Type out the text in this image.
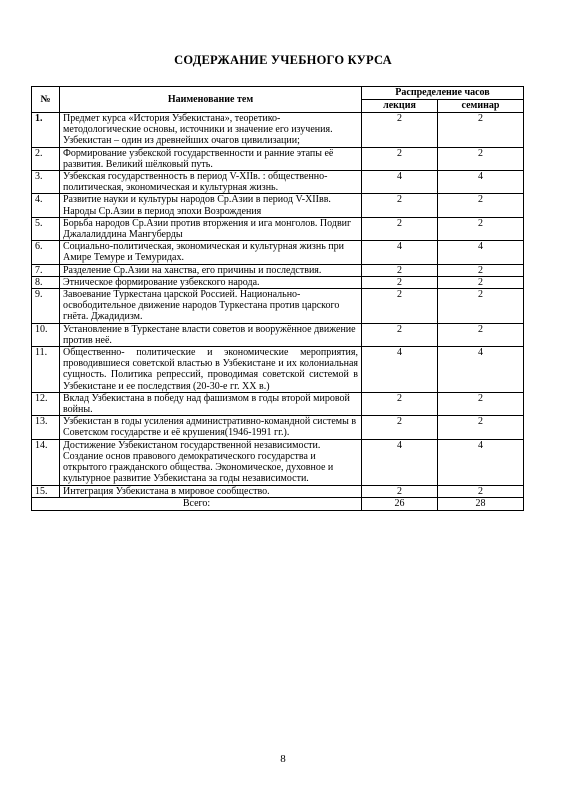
СОДЕРЖАНИЕ УЧЕБНОГО КУРСА
№	Наименование тем	Распределение часов	
		лекция	семинар
1.	Предмет курса «История Узбекистана», теоретико-методологические основы, источники и значение его изучения. Узбекистан – один из древнейших очагов цивилизации;	2	2
2.	Формирование узбекской государственности и ранние этапы её развития. Великий шёлковый путь.	2	2
3.	Узбекская государственность в период V-XIIв. : общественно-политическая, экономическая и культурная жизнь.	4	4
4.	Развитие науки и культуры народов Ср.Азии в период V-XIIвв. Народы Ср.Азии в период эпохи Возрождения	2	2
5.	Борьба народов Ср.Азии против вторжения и ига монголов. Подвиг Джалалиддина Мангуберды	2	2
6.	Социально-политическая, экономическая и культурная жизнь при Амире Темуре и Темуридах.	4	4
7.	Разделение Ср.Азии на ханства, его причины и последствия.	2	2
8.	Этническое формирование узбекского народа.	2	2
9.	Завоевание Туркестана царской Россией. Национально-освободительное движение народов Туркестана против царского гнёта. Джадидизм.	2	2
10.	Установление в Туркестане власти советов и вооружённое движение против неё.	2	2
11.	Общественно- политические и экономические мероприятия, проводившиеся советской властью в Узбекистане и их колониальная сущность. Политика репрессий, проводимая советской системой в Узбекистане и ее последствия (20-30-е гг. XX в.)	4	4
12.	Вклад Узбекистана в победу над фашизмом в годы второй мировой войны.	2	2
13.	Узбекистан в годы усиления административно-командной системы в Советском государстве и её крушения(1946-1991 гг.).	2	2
14.	Достижение Узбекистаном государственной независимости. Создание основ правового демократического государства и открытого гражданского общества. Экономическое, духовное и культурное развитие Узбекистана за годы независимости.	4	4
15.	Интеграция Узбекистана в мировое сообщество.	2	2
Всего:		26	28
8
